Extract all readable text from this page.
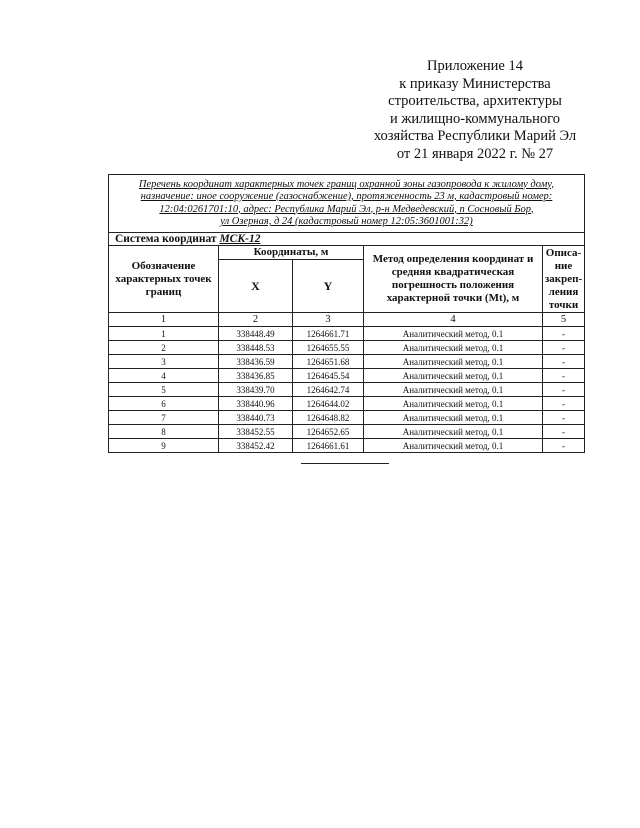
Приложение 14
к приказу Министерства
строительства, архитектуры
и жилищно-коммунального
хозяйства Республики Марий Эл
от 21 января 2022 г. № 27
Перечень координат характерных точек границ охранной зоны газопровода к жилому дому,
назначение: иное сооружение (газоснабжение), протяженность 23 м, кадастровый номер:
12:04:0261701:10, адрес: Республика Марий Эл, р-н Медведевский, п Сосновый Бор,
ул Озерная, д 24 (кадастровый номер 12:05:3601001:32)				

Система координат МСК-12				
Обозначение характерных точек границ	Координаты, м		Метод определения координат и средняя квадратическая погрешность положения характерной точки (Mt), м	Описа-
ние
закреп-
ления
точки

	X	Y		
1	2	3	4	5
1	338448.49	1264661.71	Аналитический метод, 0.1	-
2	338448.53	1264655.55	Аналитический метод, 0.1	-
3	338436.59	1264651.68	Аналитический метод, 0.1	-
4	338436.85	1264645.54	Аналитический метод, 0.1	-
5	338439.70	1264642.74	Аналитический метод, 0.1	-
6	338440.96	1264644.02	Аналитический метод, 0.1	-
7	338440.73	1264648.82	Аналитический метод, 0.1	-
8	338452.55	1264652.65	Аналитический метод, 0.1	-
9	338452.42	1264661.61	Аналитический метод, 0.1	-
